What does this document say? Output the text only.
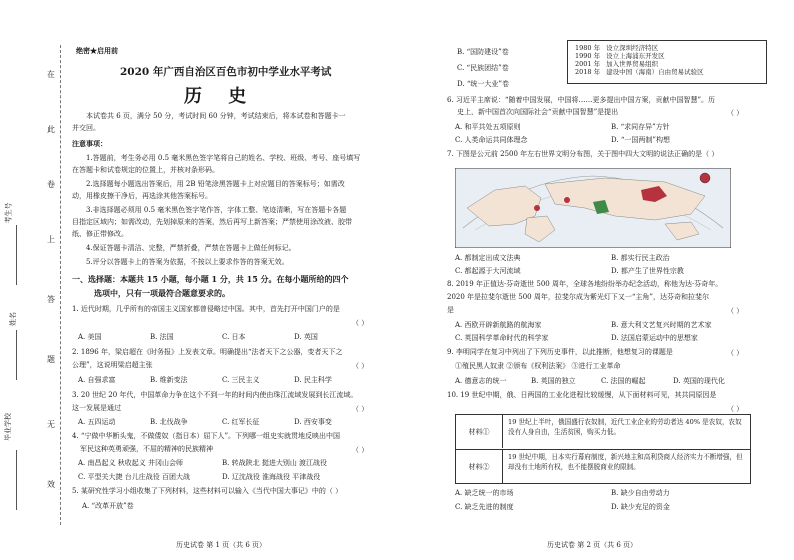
在
此
卷
上
答
题
无
效
考生号
姓名
毕业学校
绝密★启用前
2020 年广西自治区百色市初中学业水平考试
历 史
本试卷共 6 页，满分 50 分，考试时间 60 分钟，考试结束后，将本试卷和答题卡一
并交回。
注意事项：
1.答题前，考生务必用 0.5 毫米黑色签字笔将自己的姓名、学校、班级、考号、座号填写
在答题卡和试卷规定的位置上，并核对条形码。
2.选择题每小题选出答案后，用 2B 铅笔涂黑答题卡上对应题目的答案标号；如需改
动，用橡皮擦干净后，再选涂其他答案标号。
3.非选择题必须用 0.5 毫米黑色签字笔作答，字体工整、笔迹清晰，写在答题卡各题
目指定区域内；如需改动，先划掉原来的答案，然后再写上新答案；严禁使用涂改液、胶带
纸、修正带修改。
4.保证答题卡清洁、完整，严禁折叠，严禁在答题卡上做任何标记。
5.评分以答题卡上的答案为依据，不按以上要求作答的答案无效。
一、选择题：本题共 15 小题，每小题 1 分，共 15 分。在每小题所给的四个
选项中，只有一项最符合题意要求的。
1. 近代时期，几乎所有的帝国主义国家都曾侵略过中国。其中，首先打开中国门户的是
（ ）
A. 美国	B. 法国	C. 日本	D. 英国
2. 1896 年，梁启超在《时务报》上发表文章。明确提出“法者天下之公器，变者天下之
公理”，这说明梁启超主张	（ ）
A. 自强求富	B. 维新变法	C. 三民主义	D. 民主科学
3. 20 世纪 20 年代，中国革命力争在这个不到一年的时间内使由珠江流域发展到长江流域。
这一发展是通过	（ ）
A. 五四运动	B. 北伐战争	C. 红军长征	D. 西安事变
4. “宁做中华断头鬼，不做倭奴（指日本）屈下人”。下列哪一组史实就贯地反映出中国
军民这种英勇顽强，不屈的精神的民族精神	（ ）
A. 南昌起义 秋收起义 井冈山会师	B. 转战陕北 挺进大别山 渡江战役
C. 平型关大捷 台儿庄战役 百团大战	D. 辽沈战役 淮海战役 平津战役
5. 某研究性学习小组收集了下列材料，这些材料可以输入《当代中国大事记》中的（ ）
A. “改革开放”卷
历史试卷 第 1 页（共 6 页）
B. “国防建设”卷
C. “民族团结”卷
D. “统一大业”卷
1980 年	设立深圳经济特区
1990 年	设立上海浦东开发区
2001 年	加入世界贸易组织
2018 年	建设中国（海南）自由贸易试验区
6. 习近平主席说：“随着中国发展，中国将……更多提出中国方案，贡献中国智慧”。历
史上，新中国首次向国际社会“贡献中国智慧”是提出	（ ）
A. 和平共处五项原则	B. “求同存异”方针
C. 人类命运共同体理念	D. “一国两制”构想
7. 下图是公元前 2500 年左右世界文明分布图，关于图中四大文明的说法正确的是（ ）
A. 都制定出成文法典	B. 都实行民主政治
C. 都起源于大河流域	D. 都产生了世界性宗教
8. 2019 年正值达·芬奇逝世 500 周年，全球各地纷纷举办纪念活动，称他为达·芬奇年。
2020 年是拉斐尔逝世 500 周年，拉斐尔成为紫光灯下又一“主角”，达芬奇和拉斐尔
是	（ ）
A. 西欧开辟新航路的航海家	B. 意大利文艺复兴时期的艺术家
C. 英国科学革命时代的科学家	D. 法国启蒙运动中的思想家
9. 李明同学在复习中列出了下列历史事件，以此推断，他想复习的课题是	（ ）
①殖民黑人奴隶 ②颁布《权利法案》 ③进行工业革命
A. 德意志的统一	B. 英国的独立	C. 法国的崛起	D. 英国的现代化
10. 19 世纪中期，俄、日两国的工业化进程比较缓慢，从下面材料可见，其共同原因是
（ ）
材料①
19 世纪上半叶，俄国盛行农奴制，近代工业企业的劳动者达 40% 是农奴，农奴没有人身自由，生活贫困，购买力低。
材料②
19 世纪中期，日本实行幕府制度，新兴地主和高利贷商人经济实力不断增强，但却没有土地所有权，也不能摆脱商业的限制。
A. 缺乏统一的市场	B. 缺少自由劳动力
C. 缺乏先进的制度	D. 缺少充足的资金
历史试卷 第 2 页（共 6 页）
